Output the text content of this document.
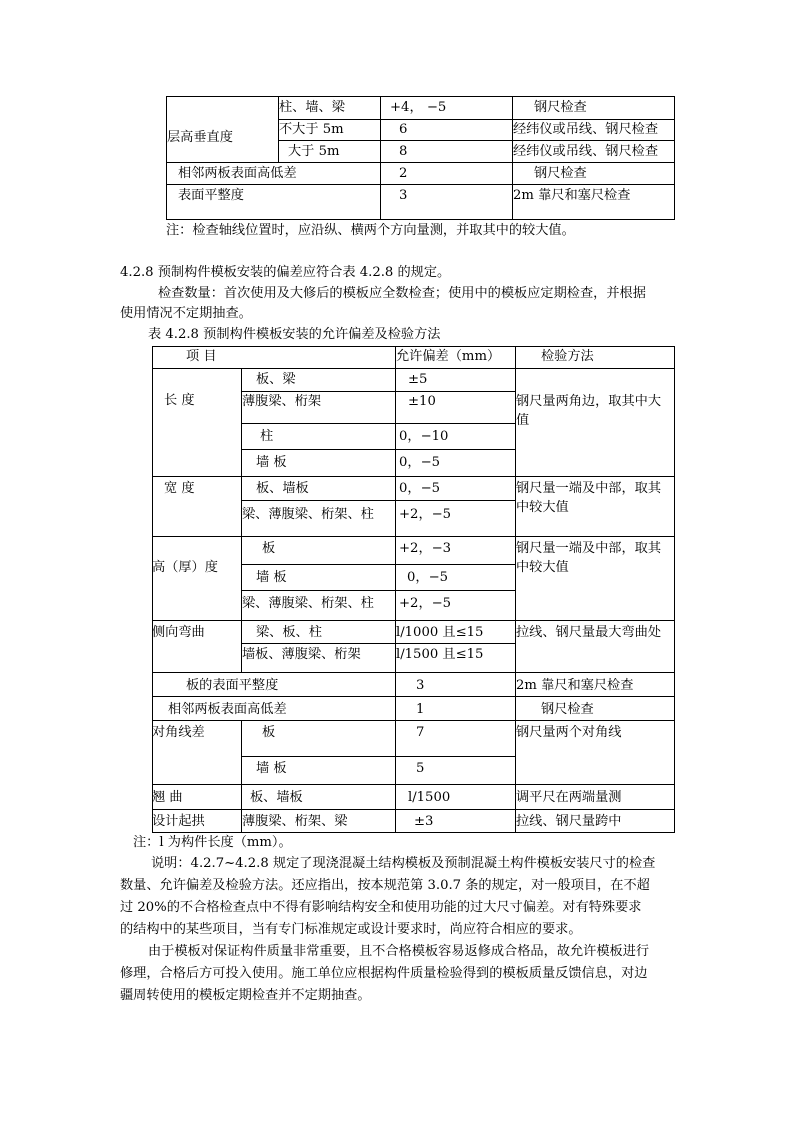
柱、墙、梁	+4， −5	钢尺检查
层高垂直度
不大于 5m	6	经纬仪或吊线、钢尺检查
大于 5m	8	经纬仪或吊线、钢尺检查
相邻两板表面高低差	2	钢尺检查
表面平整度	3	2m 靠尺和塞尺检查
注：检查轴线位置时，应沿纵、横两个方向量测，并取其中的较大值。
4.2.8 预制构件模板安装的偏差应符合表 4.2.8 的规定。
检查数量：首次使用及大修后的模板应全数检查；使用中的模板应定期检查，并根据
使用情况不定期抽查。
表 4.2.8 预制构件模板安装的允许偏差及检验方法
项 目	允许偏差（mm）	检验方法
长 度
板、梁	±5
薄腹梁、桁架	±10
柱	0，−10
墙 板	0，−5
钢尺量两角边，取其中大
值
宽 度	板、墙板	0，−5
梁、薄腹梁、桁架、柱 +2，−5
钢尺量一端及中部，取其
中较大值
高（厚）度
板	+2，−3
墙 板	0，−5
梁、薄腹梁、桁架、柱 +2，−5
钢尺量一端及中部，取其
中较大值
侧向弯曲	梁、板、柱	l/1000 且≤15
墙板、薄腹梁、桁架	l/1500 且≤15
拉线、钢尺量最大弯曲处
板的表面平整度	3	2m 靠尺和塞尺检查
相邻两板表面高低差	1	钢尺检查
对角线差	板	7
墙 板	5
钢尺量两个对角线
翘 曲	板、墙板	l/1500	调平尺在两端量测
设计起拱	薄腹梁、桁架、梁	±3	拉线、钢尺量跨中
注：l 为构件长度（mm）。
说明：4.2.7~4.2.8 规定了现浇混凝土结构模板及预制混凝土构件模板安装尺寸的检查
数量、允许偏差及检验方法。还应指出，按本规范第 3.0.7 条的规定，对一般项目，在不超
过 20%的不合格检查点中不得有影响结构安全和使用功能的过大尺寸偏差。对有特殊要求
的结构中的某些项目，当有专门标准规定或设计要求时，尚应符合相应的要求。
由于模板对保证构件质量非常重要，且不合格模板容易返修成合格品，故允许模板进行
修理，合格后方可投入使用。施工单位应根据构件质量检验得到的模板质量反馈信息，对边
疆周转使用的模板定期检查并不定期抽查。
